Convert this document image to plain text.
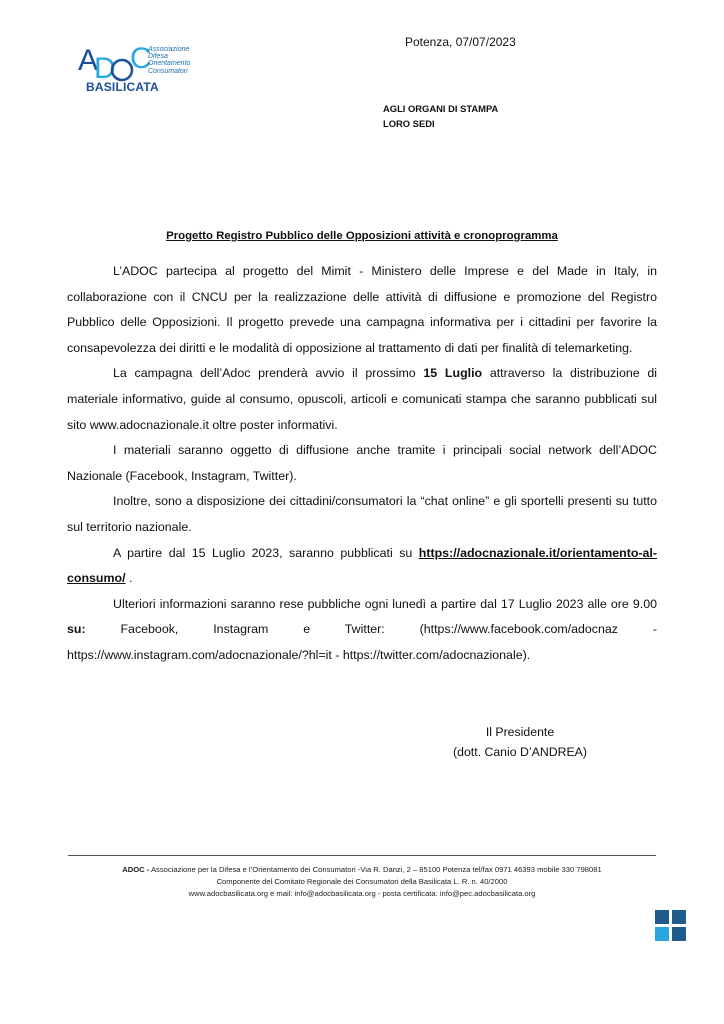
A
D C
Associazione
Difesa
Orientamento
Consumatori
BASILICATA
Potenza, 07/07/2023
AGLI ORGANI DI STAMPA
LORO SEDI
Progetto Registro Pubblico delle Opposizioni attività e cronoprogramma

L’ADOC partecipa al progetto del Mimit - Ministero delle Imprese e del Made in Italy, in collaborazione con il CNCU per la realizzazione delle attività di diffusione e promozione del Registro Pubblico delle Opposizioni. Il progetto prevede una campagna informativa per i cittadini per favorire la consapevolezza dei diritti e le modalità di opposizione al trattamento di dati per finalità di telemarketing.

La campagna dell’Adoc prenderà avvio il prossimo 15 Luglio attraverso la distribuzione di materiale informativo, guide al consumo, opuscoli, articoli e comunicati stampa che saranno pubblicati sul sito www.adocnazionale.it oltre poster informativi.

I materiali saranno oggetto di diffusione anche tramite i principali social network dell’ADOC Nazionale (Facebook, Instagram, Twitter).

Inoltre, sono a disposizione dei cittadini/consumatori la “chat online” e gli sportelli presenti su tutto sul territorio nazionale.

A partire dal 15 Luglio 2023, saranno pubblicati su https://adocnazionale.it/orientamento-al-consumo/ .

Ulteriori informazioni saranno rese pubbliche ogni lunedì a partire dal 17 Luglio 2023 alle ore 9.00 su: Facebook, Instagram e Twitter: (https://www.facebook.com/adocnaz - https://www.instagram.com/adocnazionale/?hl=it - https://twitter.com/adocnazionale).

Il Presidente
(dott. Canio D’ANDREA)
ADOC - Associazione per la Difesa e l’Orientamento dei Consumatori -Via R. Danzi, 2 – 85100 Potenza tel/fax 0971 46393 mobile 330 798081
Componente del Comitato Regionale dei Consumatori della Basilicata L. R. n. 40/2000
www.adocbasilicata.org e mail: info@adocbasilicata.org - posta certificata: info@pec.adocbasilicata.org
